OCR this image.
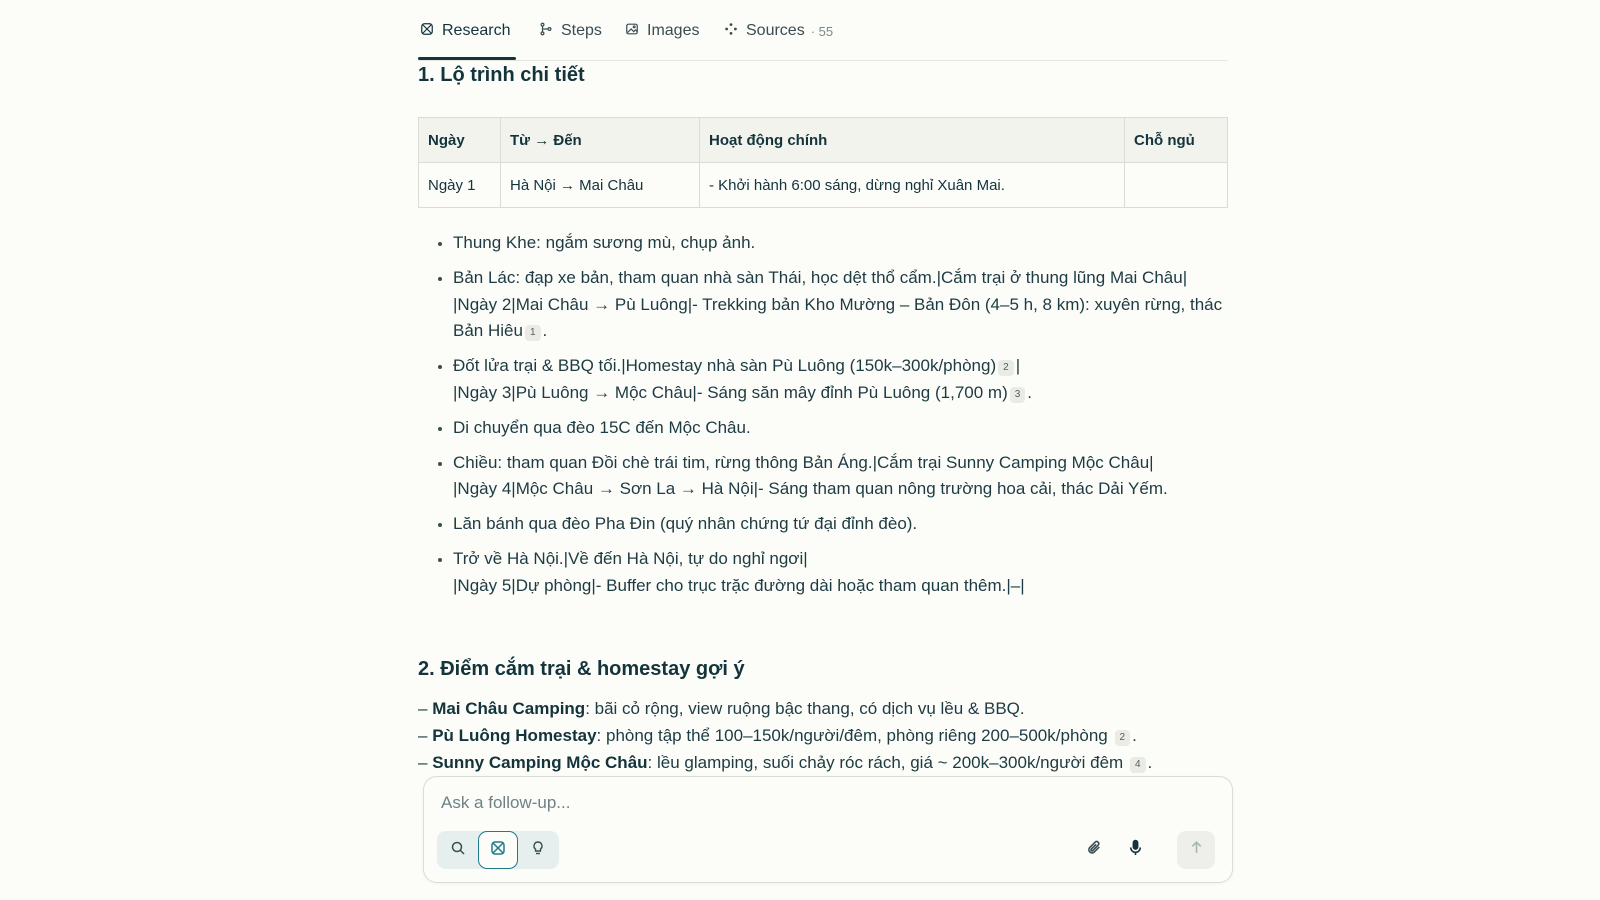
Research	Steps	Images	Sources · 55
1. Lộ trình chi tiết
Ngày	Từ → Đến	Hoạt động chính	Chỗ ngủ
Ngày 1	Hà Nội → Mai Châu	- Khởi hành 6:00 sáng, dừng nghỉ Xuân Mai.	
• Thung Khe: ngắm sương mù, chụp ảnh.
• Bản Lác: đạp xe bản, tham quan nhà sàn Thái, học dệt thổ cẩm.|Cắm trại ở thung lũng Mai Châu|
|Ngày 2|Mai Châu → Pù Luông|- Trekking bản Kho Mường – Bản Đôn (4–5 h, 8 km): xuyên rừng, thác Bản Hiêu 1 .
• Đốt lửa trại & BBQ tối.|Homestay nhà sàn Pù Luông (150k–300k/phòng) 2 |
|Ngày 3|Pù Luông → Mộc Châu|- Sáng săn mây đỉnh Pù Luông (1,700 m) 3 .
• Di chuyển qua đèo 15C đến Mộc Châu.
• Chiều: tham quan Đồi chè trái tim, rừng thông Bản Áng.|Cắm trại Sunny Camping Mộc Châu|
|Ngày 4|Mộc Châu → Sơn La → Hà Nội|- Sáng tham quan nông trường hoa cải, thác Dải Yếm.
• Lăn bánh qua đèo Pha Đin (quý nhân chứng tứ đại đỉnh đèo).
• Trở về Hà Nội.|Về đến Hà Nội, tự do nghỉ ngơi|
|Ngày 5|Dự phòng|- Buffer cho trục trặc đường dài hoặc tham quan thêm.|–|
2. Điểm cắm trại & homestay gợi ý
– Mai Châu Camping: bãi cỏ rộng, view ruộng bậc thang, có dịch vụ lều & BBQ.
– Pù Luông Homestay: phòng tập thể 100–150k/người/đêm, phòng riêng 200–500k/phòng 2 .
– Sunny Camping Mộc Châu: lều glamping, suối chảy róc rách, giá ~ 200k–300k/người đêm 4 .
Ask a follow-up...
